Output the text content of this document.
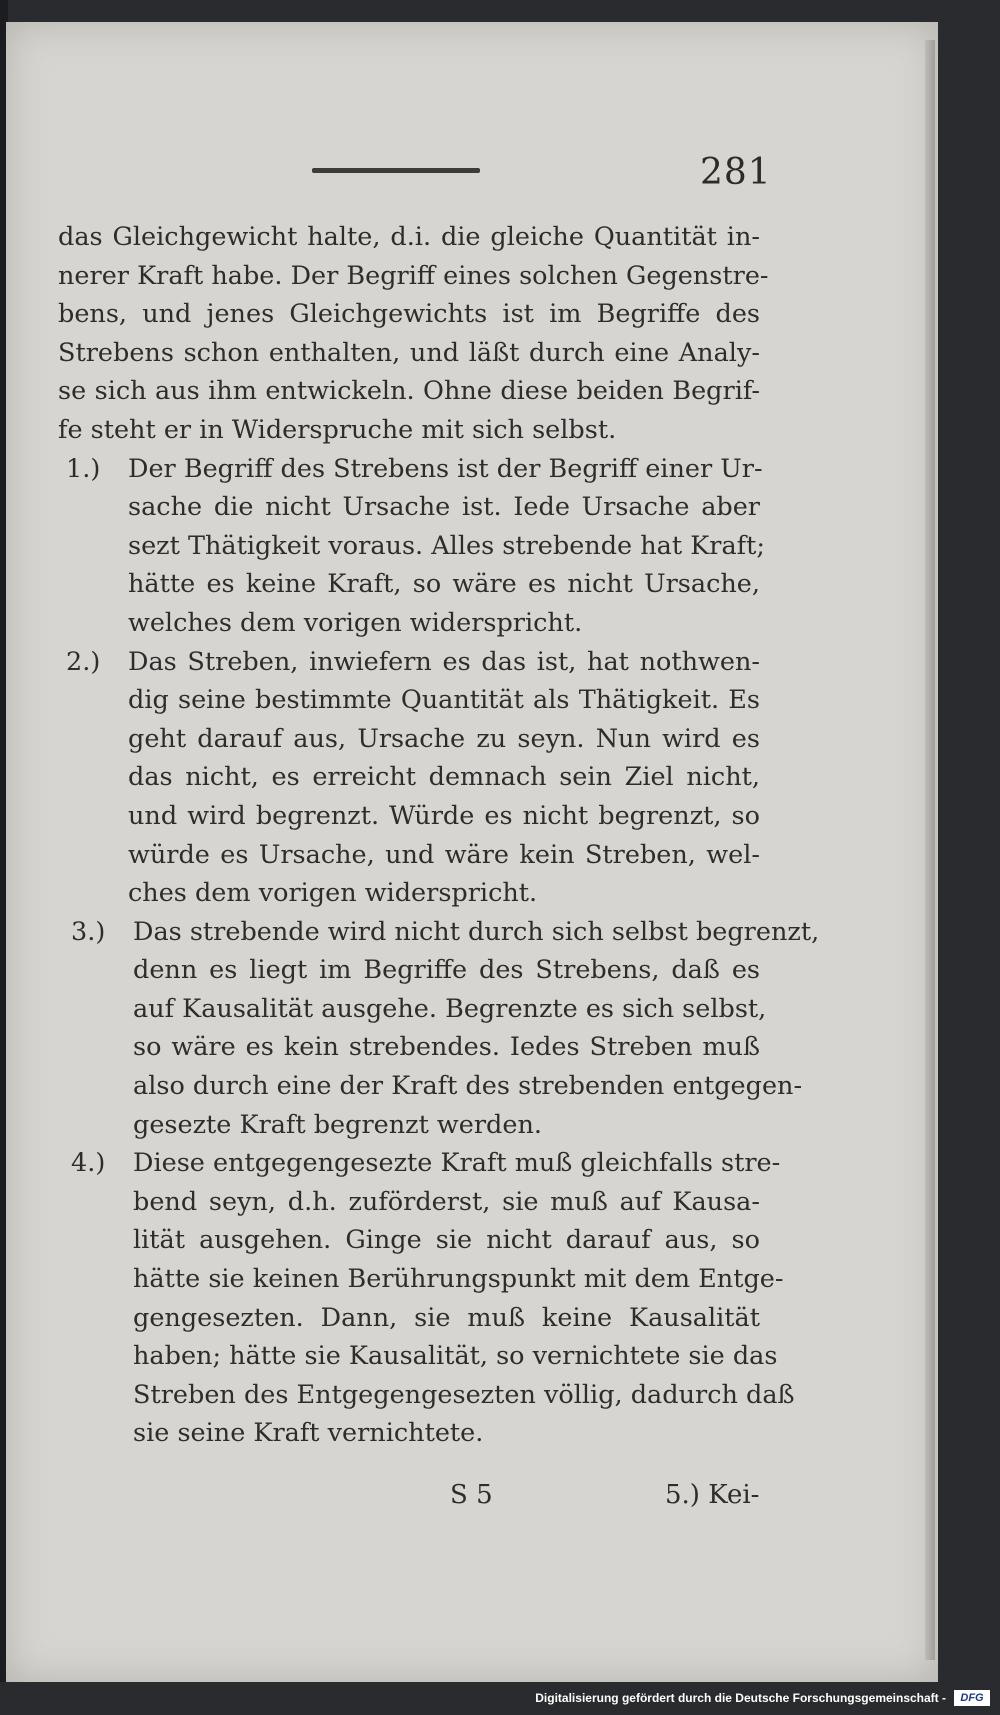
281
das Gleichgewicht halte, d.i. die gleiche Quantität in-
nerer Kraft habe. Der Begriff eines solchen Gegenstre-
bens, und jenes Gleichgewichts ist im Begriffe des
Strebens schon enthalten, und läßt durch eine Analy-
se sich aus ihm entwickeln. Ohne diese beiden Begrif-
fe steht er in Widerspruche mit sich selbst.
1.) Der Begriff des Strebens ist der Begriff einer Ur-
sache die nicht Ursache ist. Iede Ursache aber
sezt Thätigkeit voraus. Alles strebende hat Kraft;
hätte es keine Kraft, so wäre es nicht Ursache,
welches dem vorigen widerspricht.
2.) Das Streben, inwiefern es das ist, hat nothwen-
dig seine bestimmte Quantität als Thätigkeit. Es
geht darauf aus, Ursache zu seyn. Nun wird es
das nicht, es erreicht demnach sein Ziel nicht,
und wird begrenzt. Würde es nicht begrenzt, so
würde es Ursache, und wäre kein Streben, wel-
ches dem vorigen widerspricht.
3.) Das strebende wird nicht durch sich selbst begrenzt,
denn es liegt im Begriffe des Strebens, daß es
auf Kausalität ausgehe. Begrenzte es sich selbst,
so wäre es kein strebendes. Iedes Streben muß
also durch eine der Kraft des strebenden entgegen-
gesezte Kraft begrenzt werden.
4.) Diese entgegengesezte Kraft muß gleichfalls stre-
bend seyn, d.h. zuförderst, sie muß auf Kausa-
lität ausgehen. Ginge sie nicht darauf aus, so
hätte sie keinen Berührungspunkt mit dem Entge-
gengesezten. Dann, sie muß keine Kausalität
haben; hätte sie Kausalität, so vernichtete sie das
Streben des Entgegengesezten völlig, dadurch daß
sie seine Kraft vernichtete.
S 5	5.) Kei-
Digitalisierung gefördert durch die Deutsche Forschungsgemeinschaft -	DFG
